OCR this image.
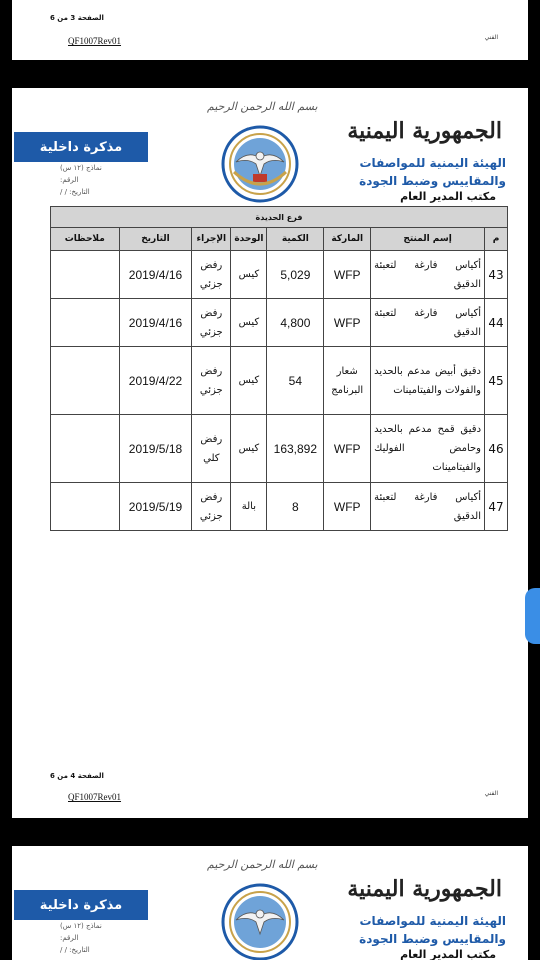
الصفحة 3 من 6
QF1007Rev01	الفني
بسم الله الرحمن الرحيم
مذكرة داخلية
نماذج (١٢ س)
الرقم:
التاريخ: / /
الجمهورية اليمنية
الهيئة اليمنية للمواصفات
والمقاييس وضبط الجودة
مكتب المدير العام
فرع الحديدة							
م	إسم المنتج	الماركة	الكمية	الوحدة	الإجراء	التاريخ	ملاحظات
43	أكياس فارغة لتعبئة الدقيق	WFP	5,029	كيس	رفض جزئي	2019/4/16	
44	أكياس فارغة لتعبئة الدقيق	WFP	4,800	كيس	رفض جزئي	2019/4/16	
45	دقيق أبيض مدعم بالحديد والفولات والفيتامينات	شعار البرنامج	54	كيس	رفض جزئي	2019/4/22	
46	دقيق قمح مدعم بالحديد وحامض الفوليك والفيتامينات	WFP	163,892	كيس	رفض كلي	2019/5/18	
47	أكياس فارغة لتعبئة الدقيق	WFP	8	بالة	رفض جزئي	2019/5/19	
الصفحة 4 من 6
QF1007Rev01	الفني
بسم الله الرحمن الرحيم
مذكرة داخلية
نماذج (١٢ س)
الرقم:
التاريخ: / /
الجمهورية اليمنية
الهيئة اليمنية للمواصفات
والمقاييس وضبط الجودة
مكتب المدير العام
